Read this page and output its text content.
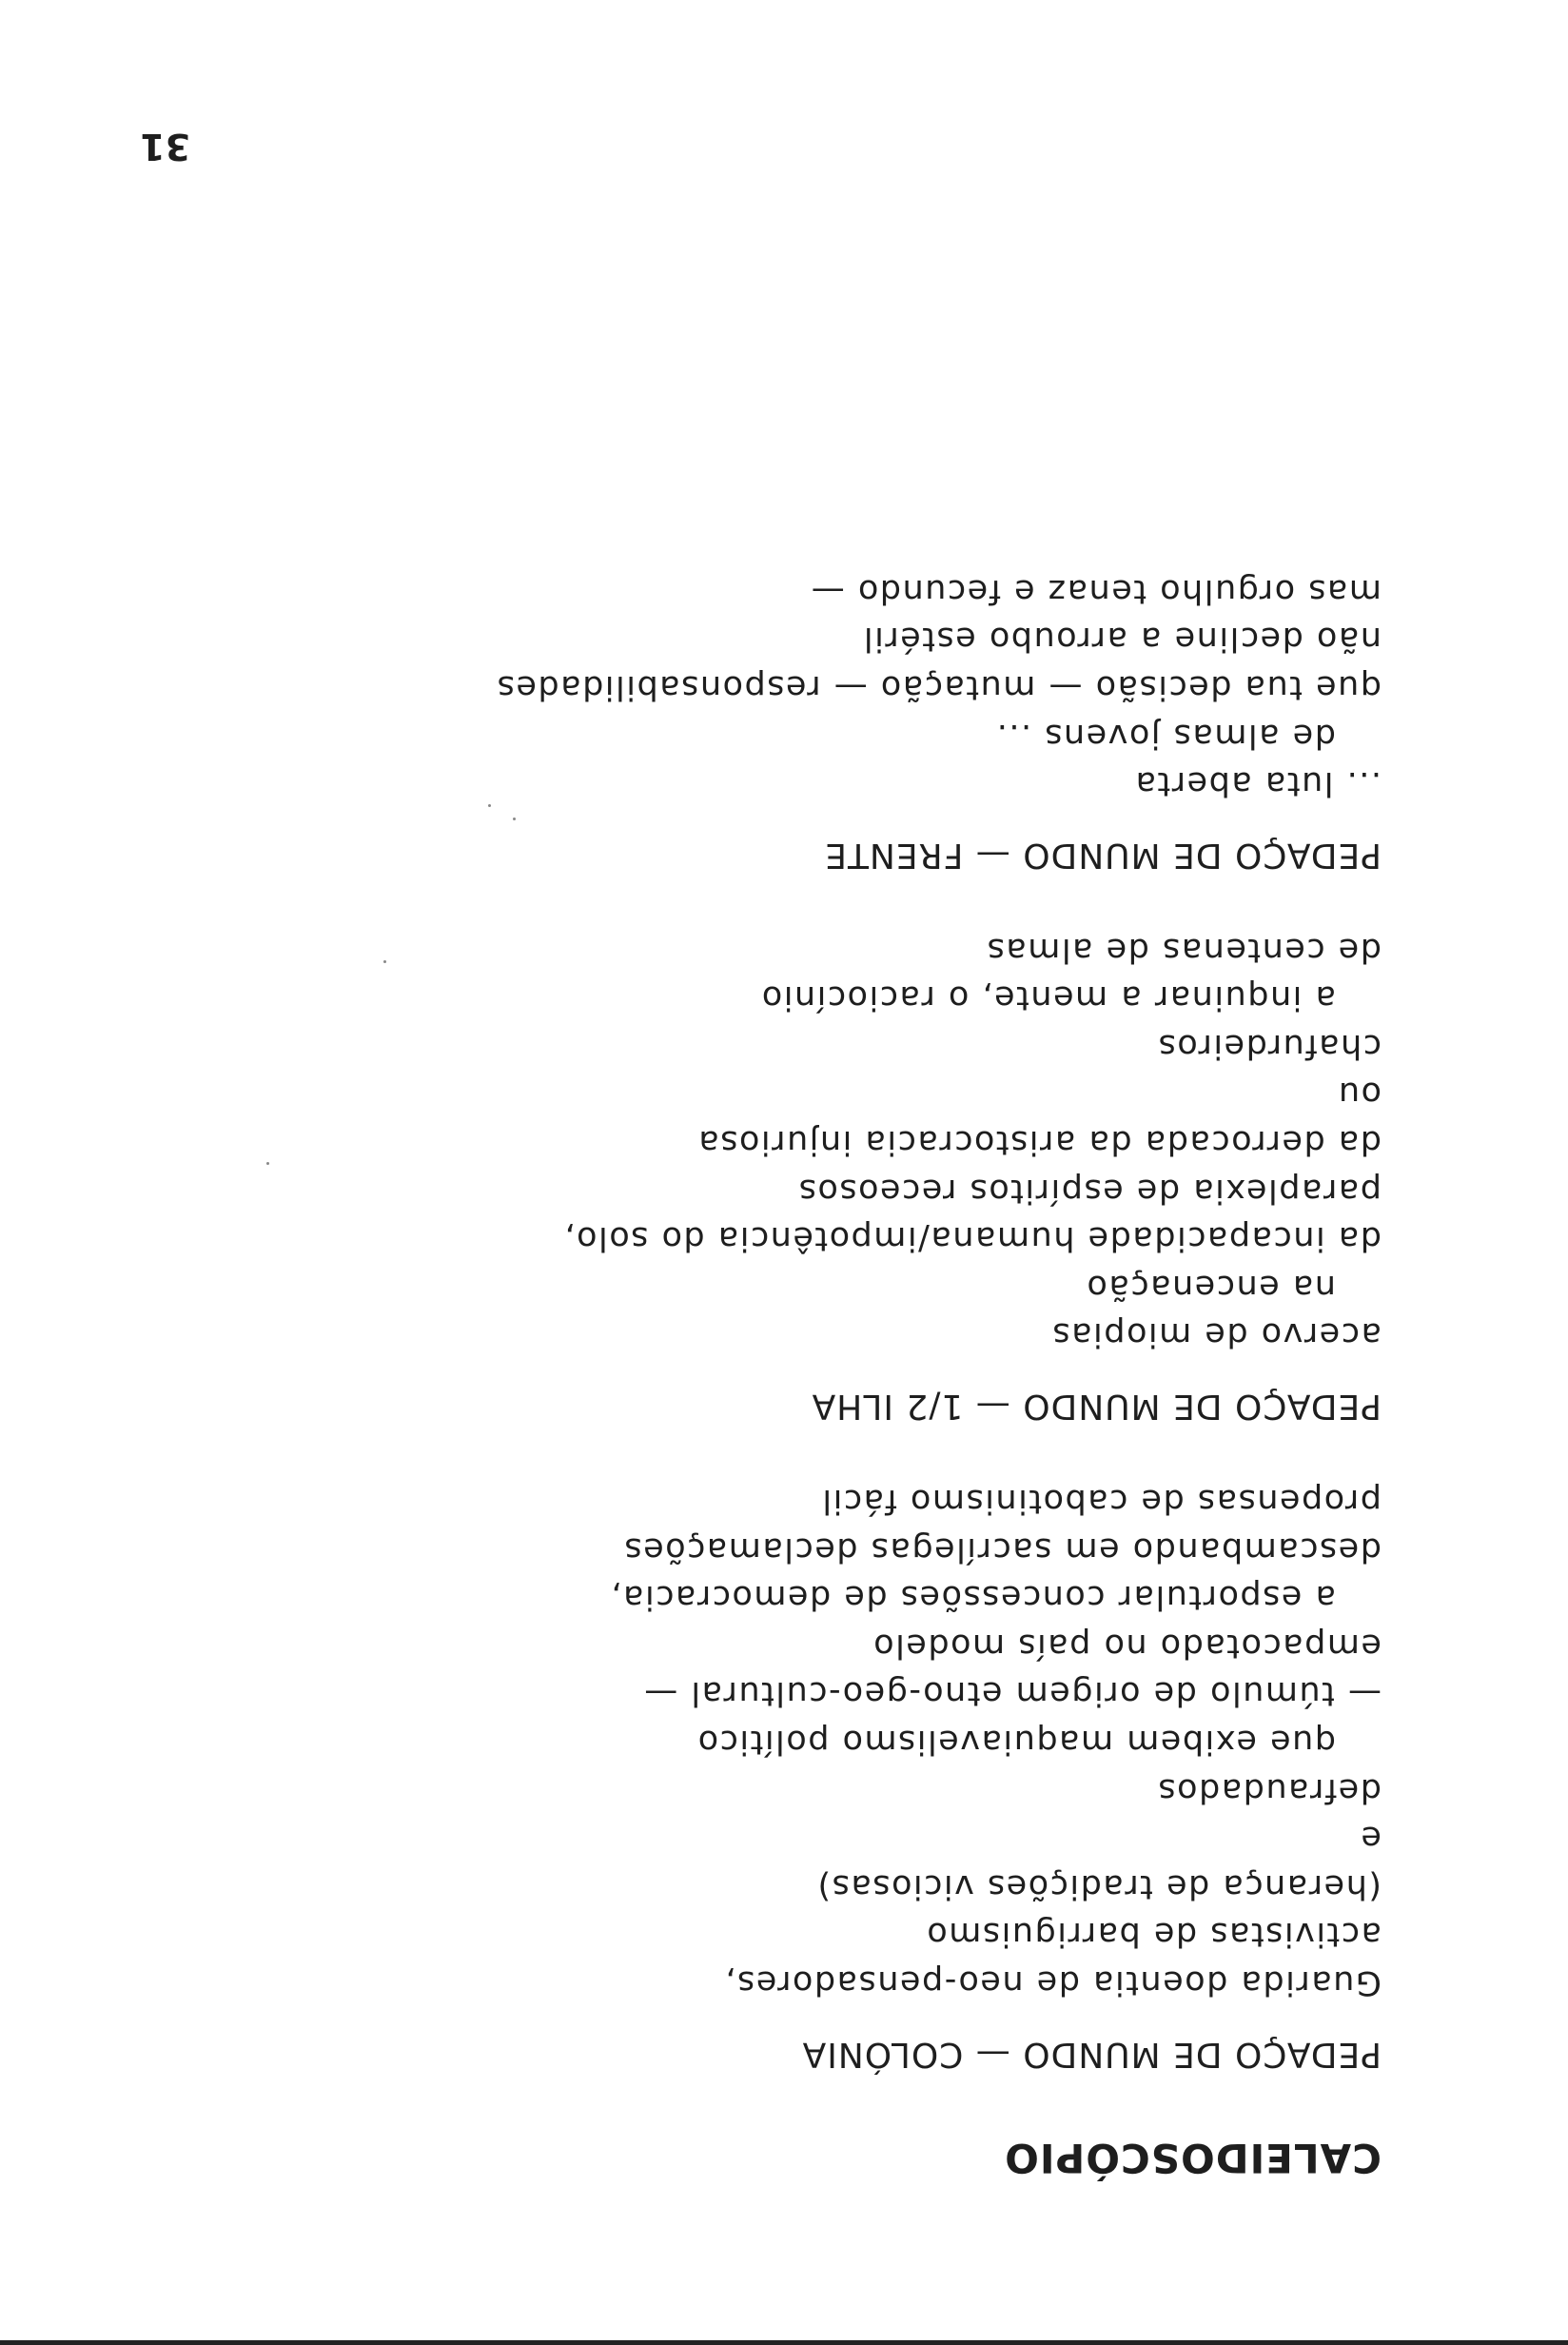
CALEIDOSCÓPIO
PEDAÇO DE MUNDO — COLÓNIA
Guarida doentia de neo-pensadores,
activistas de barriguismo
(herança de tradições viciosas)
e
defraudados
que exibem maquiavelismo político
— túmulo de origem etno-geo-cultural —
empacotado no país modelo
a esportular concessões de democracia,
descambando em sacrílegas declamações
propensas de cabotinismo fácil
PEDAÇO DE MUNDO — 1/2 ILHA
acervo de miopias
na encenação
da incapacidade humana/impotência do solo,
paraplexia de espíritos receosos
da derrocada da aristocracia injuriosa
ou
chafurdeiros
a inquinar a mente, o raciocínio
de centenas de almas
PEDAÇO DE MUNDO — FRENTE
... luta aberta
de almas jovens ...
que tua decisão — mutação — responsabilidades
não decline a arroubo estéril
mas orgulho tenaz e fecundo —
31
